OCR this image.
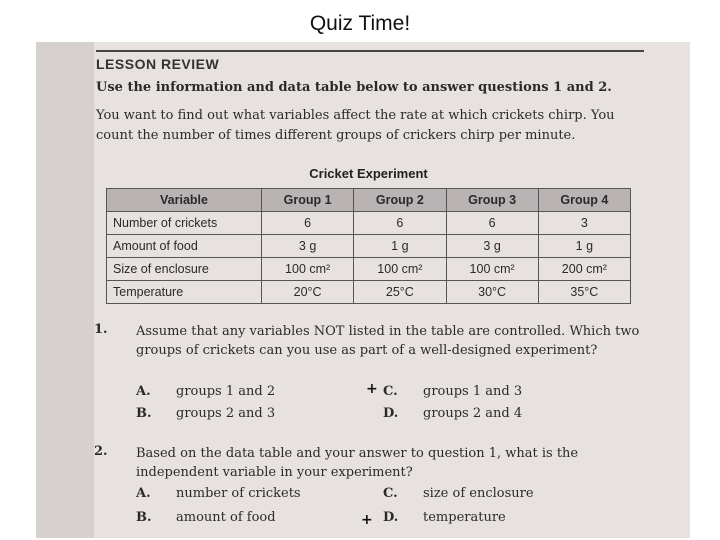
Quiz Time!
LESSON REVIEW
Use the information and data table below to answer questions 1 and 2.
You want to find out what variables affect the rate at which crickets chirp. You count the number of times different groups of crickers chirp per minute.
Cricket Experiment
Variable	Group 1	Group 2	Group 3	Group 4
Number of crickets	6	6	6	3
Amount of food	3 g	1 g	3 g	1 g
Size of enclosure	100 cm²	100 cm²	100 cm²	200 cm²
Temperature	20°C	25°C	30°C	35°C
1. Assume that any variables NOT listed in the table are controlled. Which two groups of crickets can you use as part of a well-designed experiment?
A. groups 1 and 2
B. groups 2 and 3
C. groups 1 and 3
D. groups 2 and 4
+
2. Based on the data table and your answer to question 1, what is the independent variable in your experiment?
A. number of crickets
B. amount of food
C. size of enclosure
D. temperature
+
